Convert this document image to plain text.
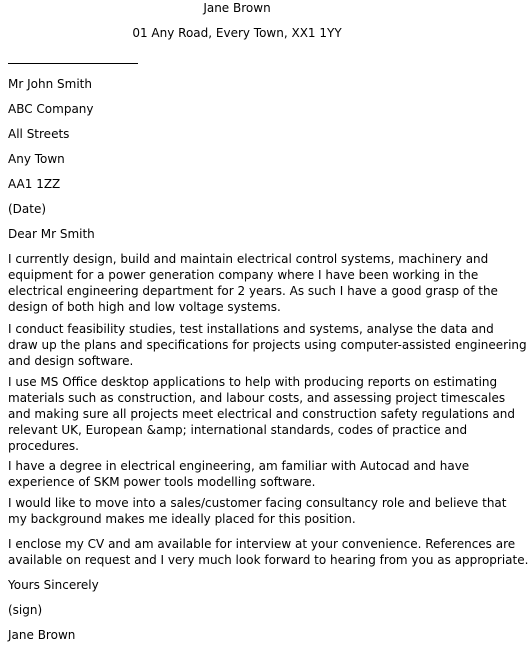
Jane Brown
01 Any Road, Every Town, XX1 1YY
Mr John Smith
ABC Company
All Streets
Any Town
AA1 1ZZ
(Date)
Dear Mr Smith
I currently design, build and maintain electrical control systems, machinery and
equipment for a power generation company where I have been working in the
electrical engineering department for 2 years. As such I have a good grasp of the
design of both high and low voltage systems.
I conduct feasibility studies, test installations and systems, analyse the data and
draw up the plans and specifications for projects using computer-assisted engineering
and design software.
I use MS Office desktop applications to help with producing reports on estimating
materials such as construction, and labour costs, and assessing project timescales
and making sure all projects meet electrical and construction safety regulations and
relevant UK, European &amp; international standards, codes of practice and
procedures.
I have a degree in electrical engineering, am familiar with Autocad and have
experience of SKM power tools modelling software.
I would like to move into a sales/customer facing consultancy role and believe that
my background makes me ideally placed for this position.
I enclose my CV and am available for interview at your convenience. References are
available on request and I very much look forward to hearing from you as appropriate.
Yours Sincerely
(sign)
Jane Brown
